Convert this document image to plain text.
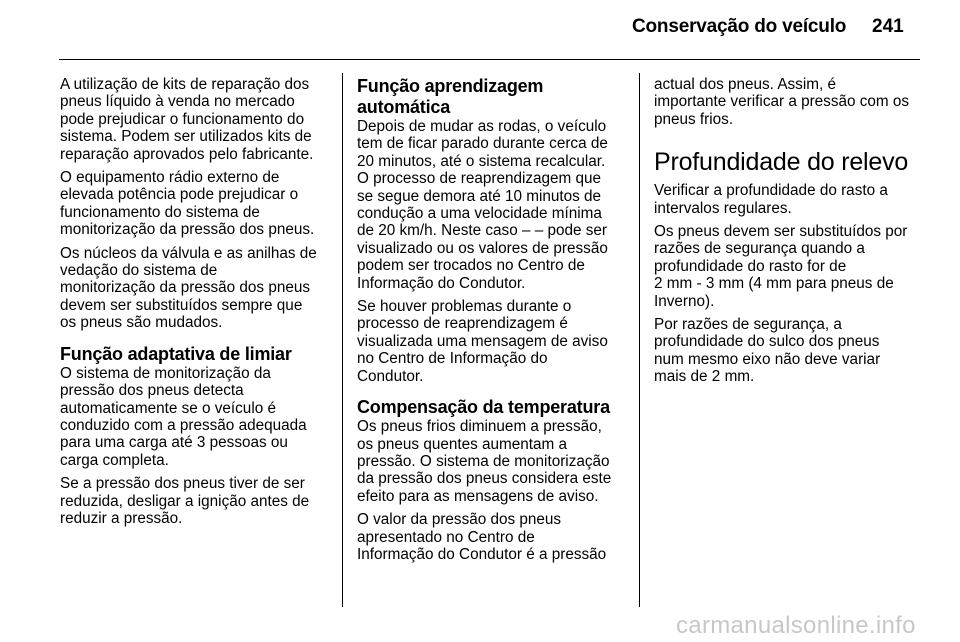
Conservação do veículo 241

A utilização de kits de reparação dos
pneus líquido à venda no mercado
pode prejudicar o funcionamento do
sistema. Podem ser utilizados kits de
reparação aprovados pelo fabricante.

O equipamento rádio externo de
elevada potência pode prejudicar o
funcionamento do sistema de
monitorização da pressão dos pneus.

Os núcleos da válvula e as anilhas de
vedação do sistema de
monitorização da pressão dos pneus
devem ser substituídos sempre que
os pneus são mudados.

Função adaptativa de limiar

O sistema de monitorização da
pressão dos pneus detecta
automaticamente se o veículo é
conduzido com a pressão adequada
para uma carga até 3 pessoas ou
carga completa.

Se a pressão dos pneus tiver de ser
reduzida, desligar a ignição antes de
reduzir a pressão.

Função aprendizagem
automática

Depois de mudar as rodas, o veículo
tem de ficar parado durante cerca de
20 minutos, até o sistema recalcular.
O processo de reaprendizagem que
se segue demora até 10 minutos de
condução a uma velocidade mínima
de 20 km/h. Neste caso ‒ ‒ pode ser
visualizado ou os valores de pressão
podem ser trocados no Centro de
Informação do Condutor.

Se houver problemas durante o
processo de reaprendizagem é
visualizada uma mensagem de aviso
no Centro de Informação do
Condutor.

Compensação da temperatura

Os pneus frios diminuem a pressão,
os pneus quentes aumentam a
pressão. O sistema de monitorização
da pressão dos pneus considera este
efeito para as mensagens de aviso.

O valor da pressão dos pneus
apresentado no Centro de
Informação do Condutor é a pressão

actual dos pneus. Assim, é
importante verificar a pressão com os
pneus frios.

Profundidade do relevo

Verificar a profundidade do rasto a
intervalos regulares.

Os pneus devem ser substituídos por
razões de segurança quando a
profundidade do rasto for de
2 mm - 3 mm (4 mm para pneus de
Inverno).

Por razões de segurança, a
profundidade do sulco dos pneus
num mesmo eixo não deve variar
mais de 2 mm.

carmanualsonline.info
